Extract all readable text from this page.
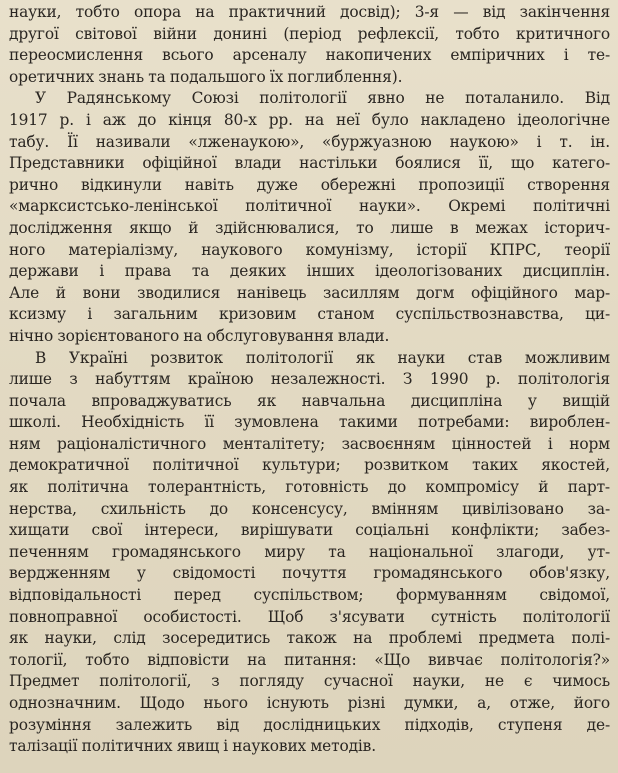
науки, тобто опора на практичний досвід); 3-я — від закінчення
другої світової війни донині (період рефлексії, тобто критичного
переосмислення всього арсеналу накопичених емпіричних і те-
оретичних знань та подальшого їх поглиблення).
У Радянському Союзі політології явно не поталанило. Від
1917 р. і аж до кінця 80-х рр. на неї було накладено ідеологічне
табу. Її називали «лженаукою», «буржуазною наукою» і т. ін.
Представники офіційної влади настільки боялися її, що катего-
рично відкинули навіть дуже обережні пропозиції створення
«марксистсько-ленінської політичної науки». Окремі політичні
дослідження якщо й здійснювалися, то лише в межах історич-
ного матеріалізму, наукового комунізму, історії КПРС, теорії
держави і права та деяких інших ідеологізованих дисциплін.
Але й вони зводилися нанівець засиллям догм офіційного мар-
ксизму і загальним кризовим станом суспільствознавства, ци-
нічно зорієнтованого на обслуговування влади.
В Україні розвиток політології як науки став можливим
лише з набуттям країною незалежності. З 1990 р. політологія
почала впроваджуватись як навчальна дисципліна у вищій
школі. Необхідність її зумовлена такими потребами: вироблен-
ням раціоналістичного менталітету; засвоєнням цінностей і норм
демократичної політичної культури; розвитком таких якостей,
як політична толерантність, готовність до компромісу й парт-
нерства, схильність до консенсусу, вмінням цивілізовано за-
хищати свої інтереси, вирішувати соціальні конфлікти; забез-
печенням громадянського миру та національної злагоди, ут-
вердженням у свідомості почуття громадянського обов'язку,
відповідальності перед суспільством; формуванням свідомої,
повноправної особистості. Щоб з'ясувати сутність політології
як науки, слід зосередитись також на проблемі предмета полі-
тології, тобто відповісти на питання: «Що вивчає політологія?»
Предмет політології, з погляду сучасної науки, не є чимось
однозначним. Щодо нього існують різні думки, а, отже, його
розуміння залежить від дослідницьких підходів, ступеня де-
талізації політичних явищ і наукових методів.
